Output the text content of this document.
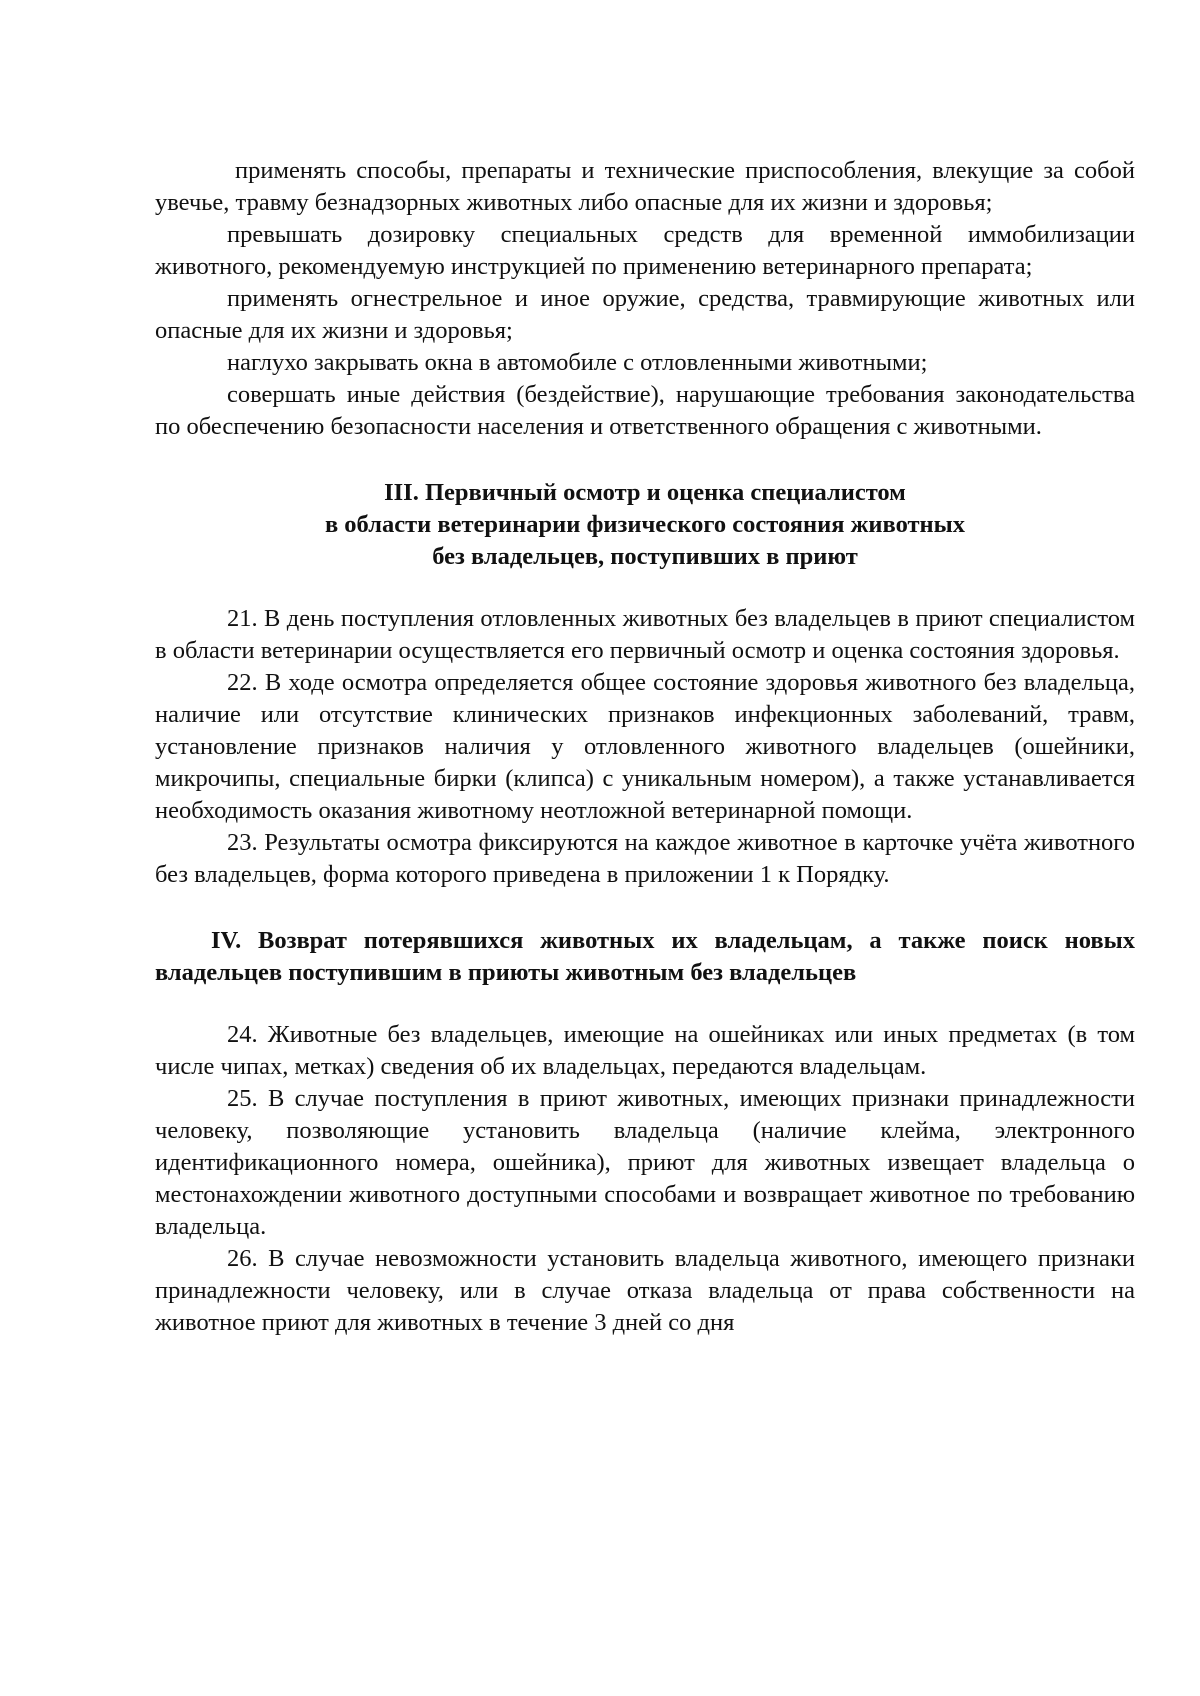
применять способы, препараты и технические приспособления, влекущие за собой увечье, травму безнадзорных животных либо опасные для их жизни и здоровья;

превышать дозировку специальных средств для временной иммобилизации животного, рекомендуемую инструкцией по применению ветеринарного препарата;

применять огнестрельное и иное оружие, средства, травмирующие животных или опасные для их жизни и здоровья;

наглухо закрывать окна в автомобиле с отловленными животными;

совершать иные действия (бездействие), нарушающие требования законодательства по обеспечению безопасности населения и ответственного обращения с животными.

III. Первичный осмотр и оценка специалистом

в области ветеринарии физического состояния животных

без владельцев, поступивших в приют

21. В день поступления отловленных животных без владельцев в приют специалистом в области ветеринарии осуществляется его первичный осмотр и оценка состояния здоровья.

22. В ходе осмотра определяется общее состояние здоровья животного без владельца, наличие или отсутствие клинических признаков инфекционных заболеваний, травм, установление признаков наличия у отловленного животного владельцев (ошейники, микрочипы, специальные бирки (клипса) с уникальным номером), а также устанавливается необходимость оказания животному неотложной ветеринарной помощи.

23. Результаты осмотра фиксируются на каждое животное в карточке учёта животного без владельцев, форма которого приведена в приложении 1 к Порядку.

IV. Возврат потерявшихся животных их владельцам, а также поиск новых владельцев поступившим в приюты животным без владельцев

24. Животные без владельцев, имеющие на ошейниках или иных предметах (в том числе чипах, метках) сведения об их владельцах, передаются владельцам.

25. В случае поступления в приют животных, имеющих признаки принадлежности человеку, позволяющие установить владельца (наличие клейма, электронного идентификационного номера, ошейника), приют для животных извещает владельца о местонахождении животного доступными способами и возвращает животное по требованию владельца.

26. В случае невозможности установить владельца животного, имеющего признаки принадлежности человеку, или в случае отказа владельца от права собственности на животное приют для животных в течение 3 дней со дня
